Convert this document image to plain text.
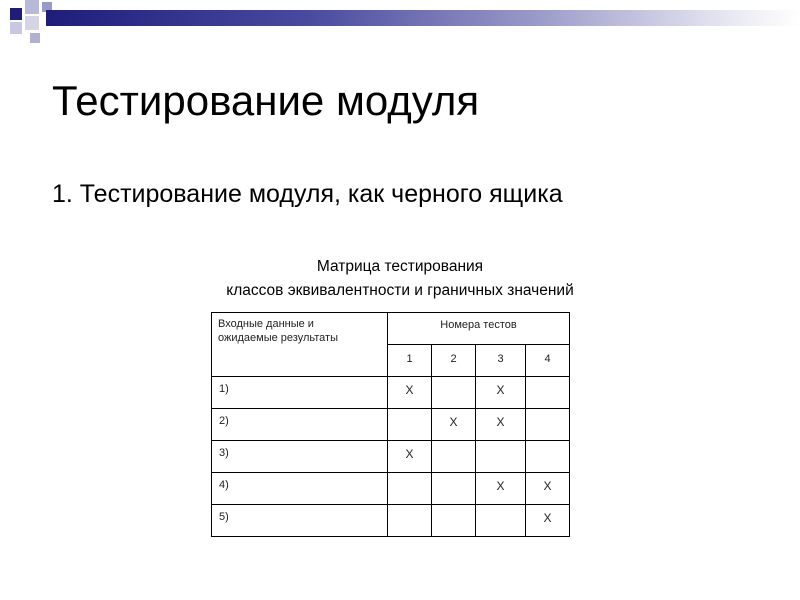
Тестирование модуля
1. Тестирование модуля, как черного ящика
Матрица тестирования
классов эквивалентности и граничных значений
Входные данные и
ожидаемые результаты	Номера тестов			
	1	2	3	4
1)	X		X	
2)		X	X	
3)	X			
4)			X	X
5)				X
